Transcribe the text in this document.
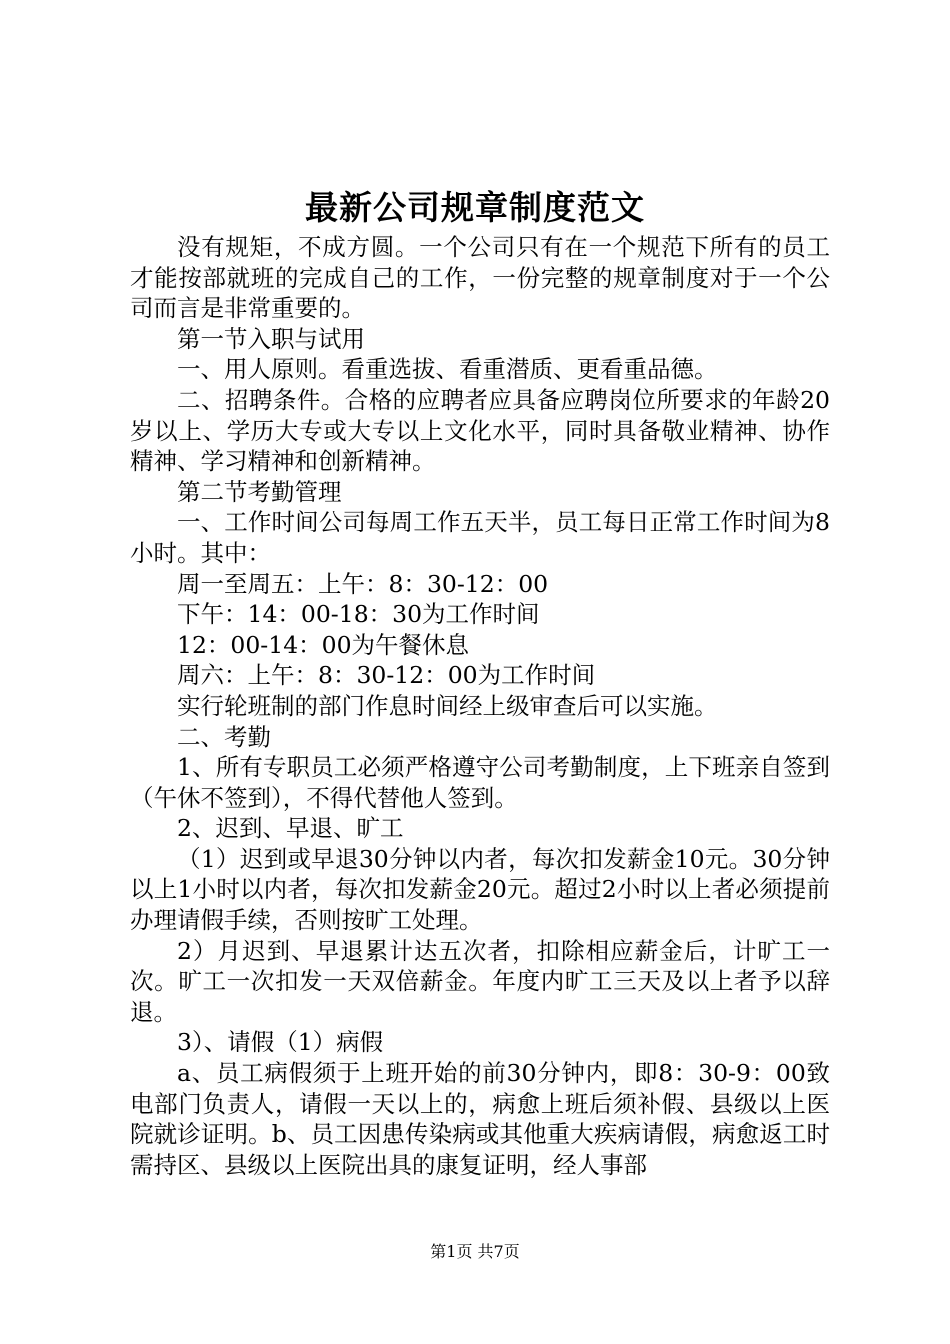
最新公司规章制度范文

没有规矩，不成方圆。一个公司只有在一个规范下所有的员工才能按部就班的完成自己的工作，一份完整的规章制度对于一个公司而言是非常重要的。

第一节入职与试用

一、用人原则。看重选拔、看重潜质、更看重品德。

二、招聘条件。合格的应聘者应具备应聘岗位所要求的年龄20岁以上、学历大专或大专以上文化水平，同时具备敬业精神、协作精神、学习精神和创新精神。

第二节考勤管理

一、工作时间公司每周工作五天半，员工每日正常工作时间为8小时。其中：

周一至周五：上午：8：30-12：00

下午：14：00-18：30为工作时间

12：00-14：00为午餐休息

周六：上午：8：30-12：00为工作时间

实行轮班制的部门作息时间经上级审查后可以实施。

二、考勤

1、所有专职员工必须严格遵守公司考勤制度，上下班亲自签到（午休不签到），不得代替他人签到。

2、迟到、早退、旷工

（1）迟到或早退30分钟以内者，每次扣发薪金10元。30分钟以上1小时以内者，每次扣发薪金20元。超过2小时以上者必须提前办理请假手续，否则按旷工处理。

2）月迟到、早退累计达五次者，扣除相应薪金后，计旷工一次。旷工一次扣发一天双倍薪金。年度内旷工三天及以上者予以辞退。

3）、请假（1）病假

a、员工病假须于上班开始的前30分钟内，即8：30-9：00致电部门负责人，请假一天以上的，病愈上班后须补假、县级以上医院就诊证明。b、员工因患传染病或其他重大疾病请假，病愈返工时需持区、县级以上医院出具的康复证明，经人事部

第1页 共7页
